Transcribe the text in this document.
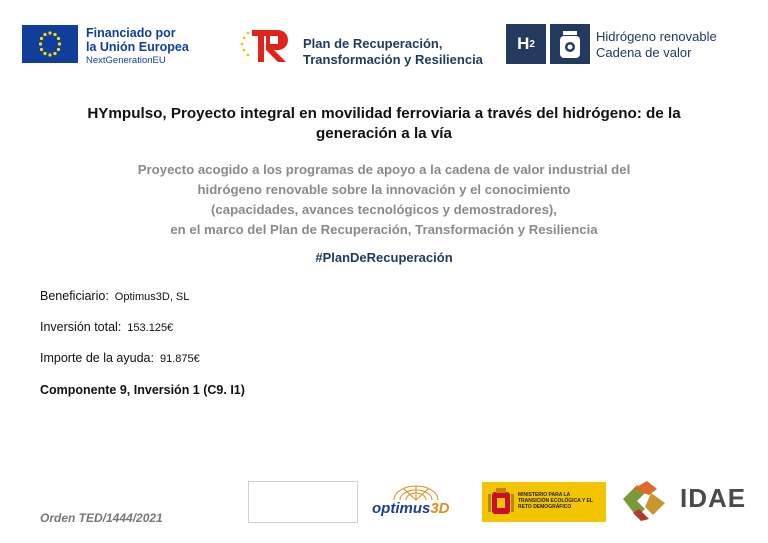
Financiado por
la Unión Europea
NextGenerationEU
Plan de Recuperación,
Transformación y Resiliencia
H 2	Hidrógeno renovable
Cadena de valor
HYmpulso, Proyecto integral en movilidad ferroviaria a través del hidrógeno: de la
generación a la vía
Proyecto acogido a los programas de apoyo a la cadena de valor industrial del
hidrógeno renovable sobre la innovación y el conocimiento
(capacidades, avances tecnológicos y demostradores),
en el marco del Plan de Recuperación, Transformación y Resiliencia
#PlanDeRecuperación
Beneficiario: Optimus3D, SL
Inversión total: 153.125€
Importe de la ayuda: 91.875€
Componente 9, Inversión 1 (C9. I1)
Orden TED/1444/2021
optimus3D
MINISTERIO PARA LA TRANSICIÓN ECOLÓGICA Y EL RETO DEMOGRÁFICO	IDAE
